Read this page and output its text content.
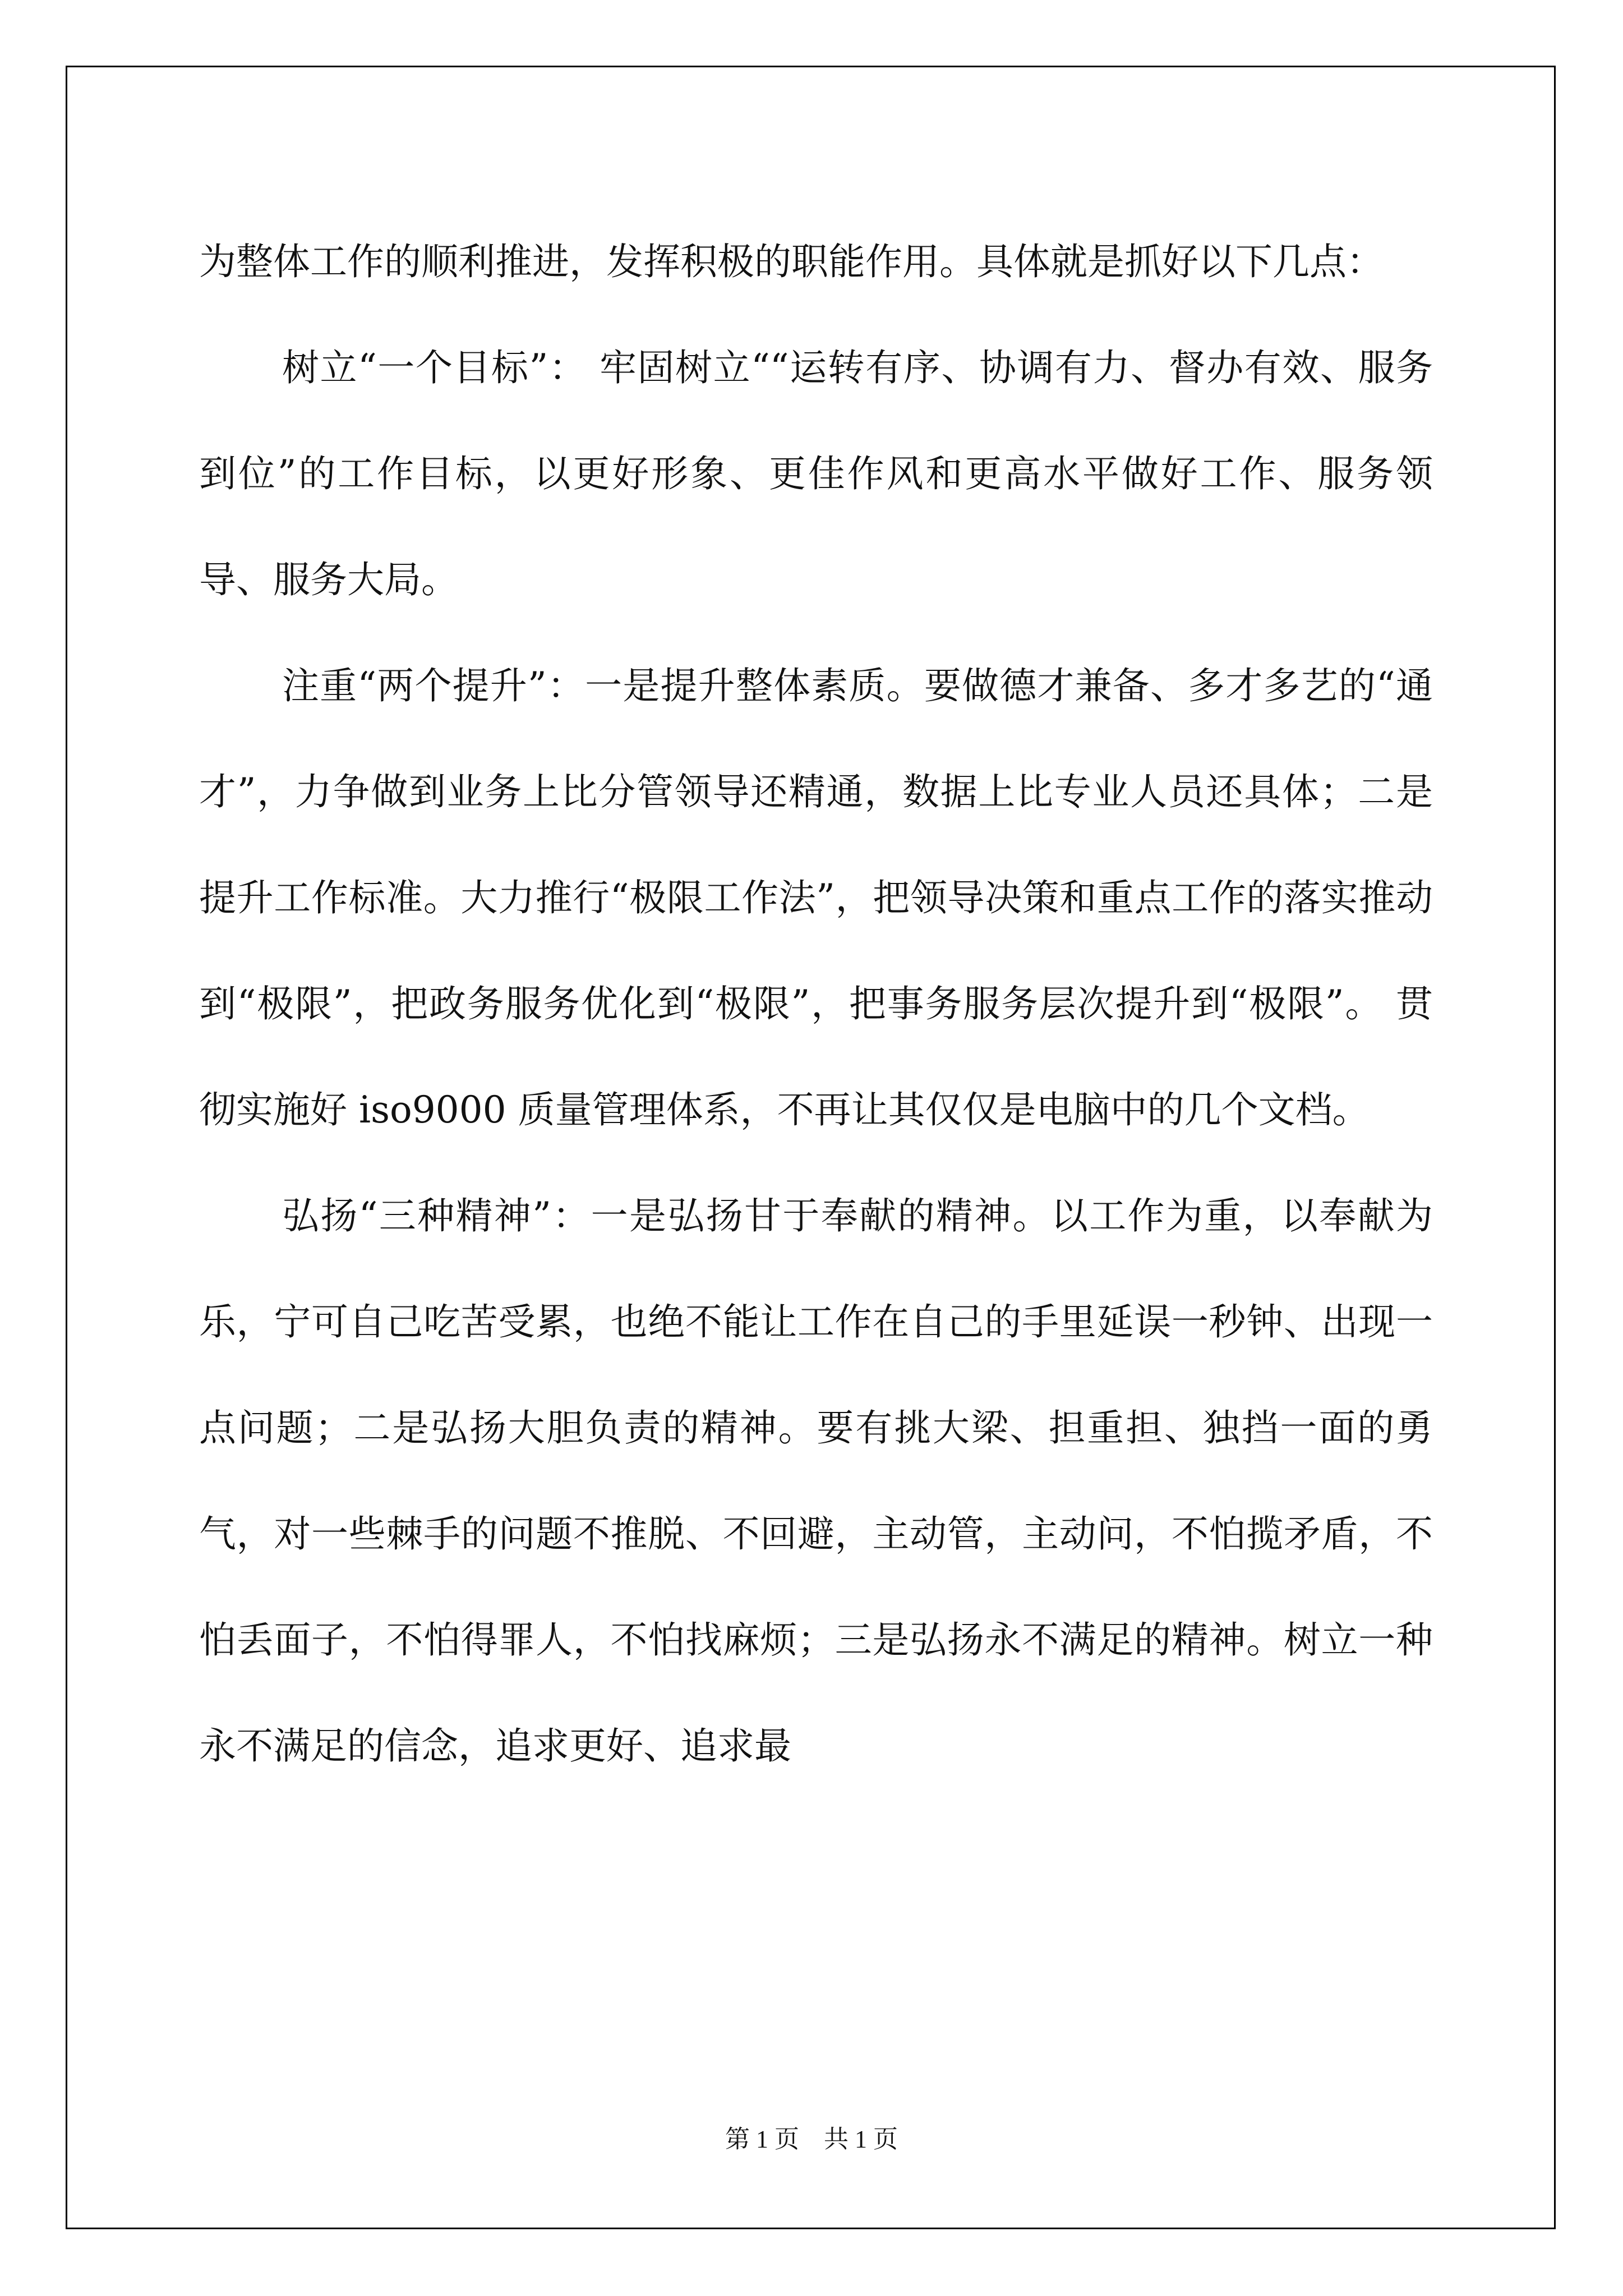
为整体工作的顺利推进，发挥积极的职能作用。具体就是抓好以下几点：

树立“一个目标”： 牢固树立““运转有序、协调有力、督办有效、服务到位”的工作目标，以更好形象、更佳作风和更高水平做好工作、服务领导、服务大局。

注重“两个提升”：一是提升整体素质。要做德才兼备、多才多艺的“通才”，力争做到业务上比分管领导还精通，数据上比专业人员还具体；二是提升工作标准。大力推行“极限工作法”，把领导决策和重点工作的落实推动到“极限”，把政务服务优化到“极限”，把事务服务层次提升到“极限”。 贯彻实施好 iso9000 质量管理体系，不再让其仅仅是电脑中的几个文档。

弘扬“三种精神”：一是弘扬甘于奉献的精神。以工作为重，以奉献为乐，宁可自己吃苦受累，也绝不能让工作在自己的手里延误一秒钟、出现一点问题；二是弘扬大胆负责的精神。要有挑大梁、担重担、独挡一面的勇气，对一些棘手的问题不推脱、不回避，主动管，主动问，不怕揽矛盾，不怕丢面子，不怕得罪人，不怕找麻烦；三是弘扬永不满足的精神。树立一种永不满足的信念，追求更好、追求最

第 1 页　共 1 页
